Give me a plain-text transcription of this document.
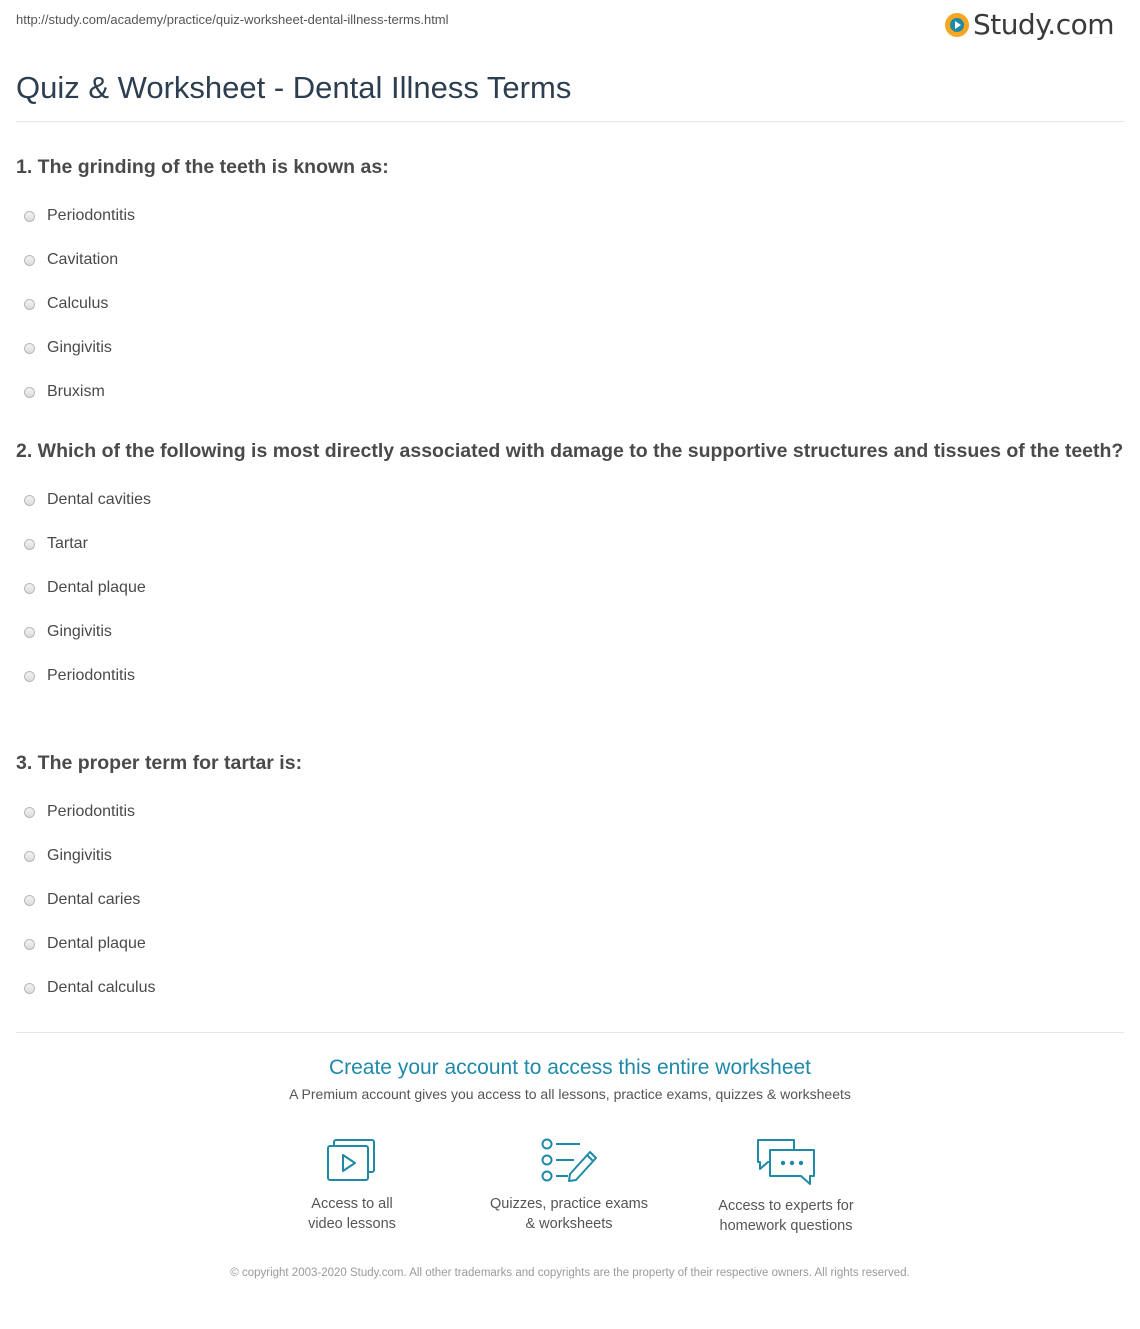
http://study.com/academy/practice/quiz-worksheet-dental-illness-terms.html	Study.com
Quiz & Worksheet - Dental Illness Terms
1. The grinding of the teeth is known as:
Periodontitis
Cavitation
Calculus
Gingivitis
Bruxism
2. Which of the following is most directly associated with damage to the supportive structures and tissues of the teeth?
Dental cavities
Tartar
Dental plaque
Gingivitis
Periodontitis
3. The proper term for tartar is:
Periodontitis
Gingivitis
Dental caries
Dental plaque
Dental calculus
Create your account to access this entire worksheet
A Premium account gives you access to all lessons, practice exams, quizzes & worksheets
Access to all
video lessons
Quizzes, practice exams
& worksheets
Access to experts for
homework questions
© copyright 2003-2020 Study.com. All other trademarks and copyrights are the property of their respective owners. All rights reserved.
